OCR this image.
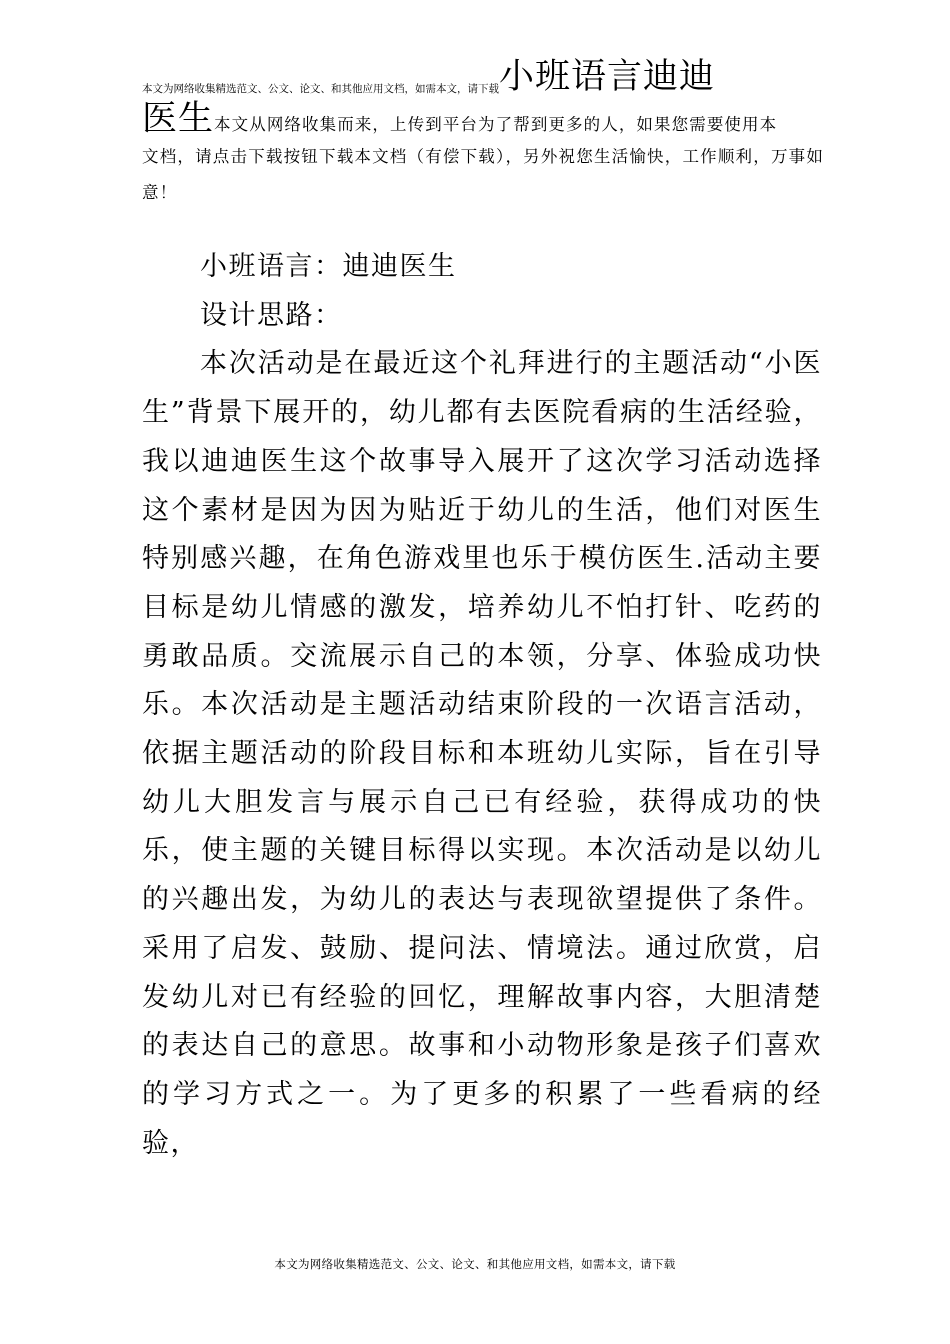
本文为网络收集精选范文、公文、论文、和其他应用文档，如需本文，请下载 小班语言迪迪
医生 本文从网络收集而来，上传到平台为了帮到更多的人，如果您需要使用本
文档，请点击下载按钮下载本文档（有偿下载），另外祝您生活愉快，工作顺利，万事如意！

小班语言：迪迪医生

设计思路：

本次活动是在最近这个礼拜进行的主题活动“小医生”背景下展开的，幼儿都有去医院看病的生活经验，我以迪迪医生这个故事导入展开了这次学习活动选择这个素材是因为因为贴近于幼儿的生活，他们对医生特别感兴趣，在角色游戏里也乐于模仿医生.活动主要目标是幼儿情感的激发，培养幼儿不怕打针、吃药的勇敢品质。交流展示自己的本领，分享、体验成功快乐。本次活动是主题活动结束阶段的一次语言活动，依据主题活动的阶段目标和本班幼儿实际，旨在引导幼儿大胆发言与展示自己已有经验，获得成功的快乐，使主题的关键目标得以实现。本次活动是以幼儿的兴趣出发，为幼儿的表达与表现欲望提供了条件。采用了启发、鼓励、提问法、情境法。通过欣赏，启发幼儿对已有经验的回忆，理解故事内容，大胆清楚的表达自己的意思。故事和小动物形象是孩子们喜欢的学习方式之一。为了更多的积累了一些看病的经验，

本文为网络收集精选范文、公文、论文、和其他应用文档，如需本文，请下载
